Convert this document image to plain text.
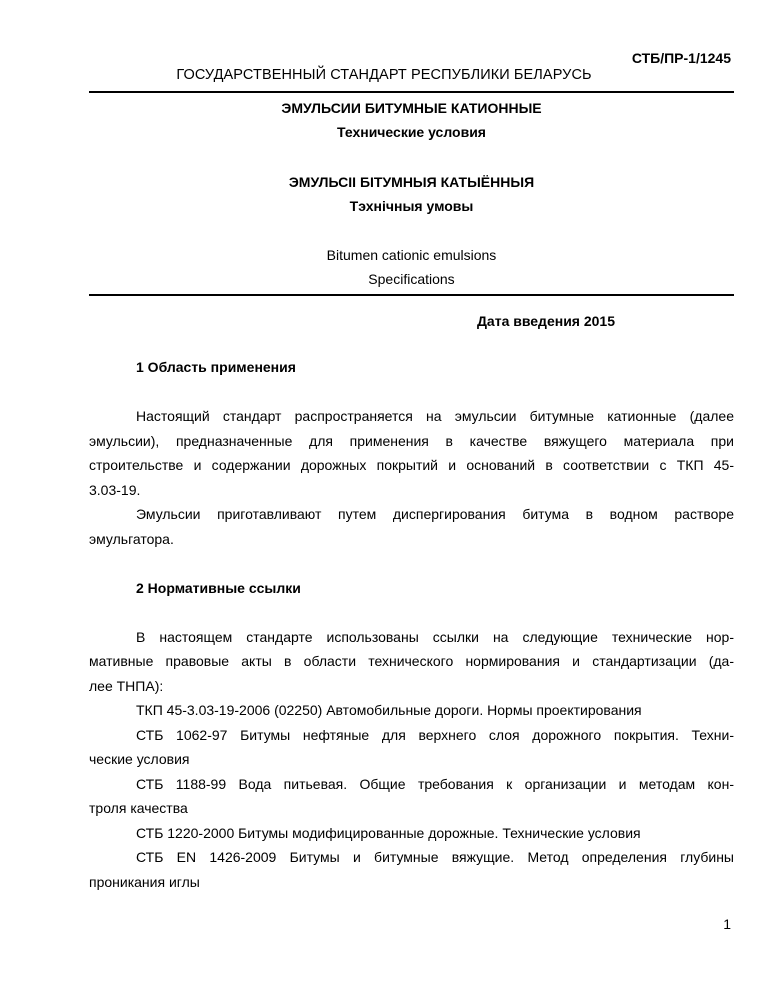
СТБ/ПР-1/1245
ГОСУДАРСТВЕННЫЙ СТАНДАРТ РЕСПУБЛИКИ БЕЛАРУСЬ
ЭМУЛЬСИИ БИТУМНЫЕ КАТИОННЫЕ
Технические условия
ЭМУЛЬСІІ БІТУМНЫЯ КАТЫЁННЫЯ
Тэхнічныя умовы
Bitumen cationic emulsions
Specifications
Дата введения 2015
1 Область применения
Настоящий стандарт распространяется на эмульсии битумные катионные (далее
эмульсии), предназначенные для применения в качестве вяжущего материала при
строительстве и содержании дорожных покрытий и оснований в соответствии с ТКП 45-
3.03-19.
Эмульсии приготавливают путем диспергирования битума в водном растворе
эмульгатора.
2 Нормативные ссылки
В настоящем стандарте использованы ссылки на следующие технические нор-
мативные правовые акты в области технического нормирования и стандартизации (да-
лее ТНПА):
ТКП 45-3.03-19-2006 (02250) Автомобильные дороги. Нормы проектирования
СТБ 1062-97 Битумы нефтяные для верхнего слоя дорожного покрытия. Техни-
ческие условия
СТБ 1188-99 Вода питьевая. Общие требования к организации и методам кон-
троля качества
СТБ 1220-2000 Битумы модифицированные дорожные. Технические условия
СТБ EN 1426-2009 Битумы и битумные вяжущие. Метод определения глубины
проникания иглы
1
